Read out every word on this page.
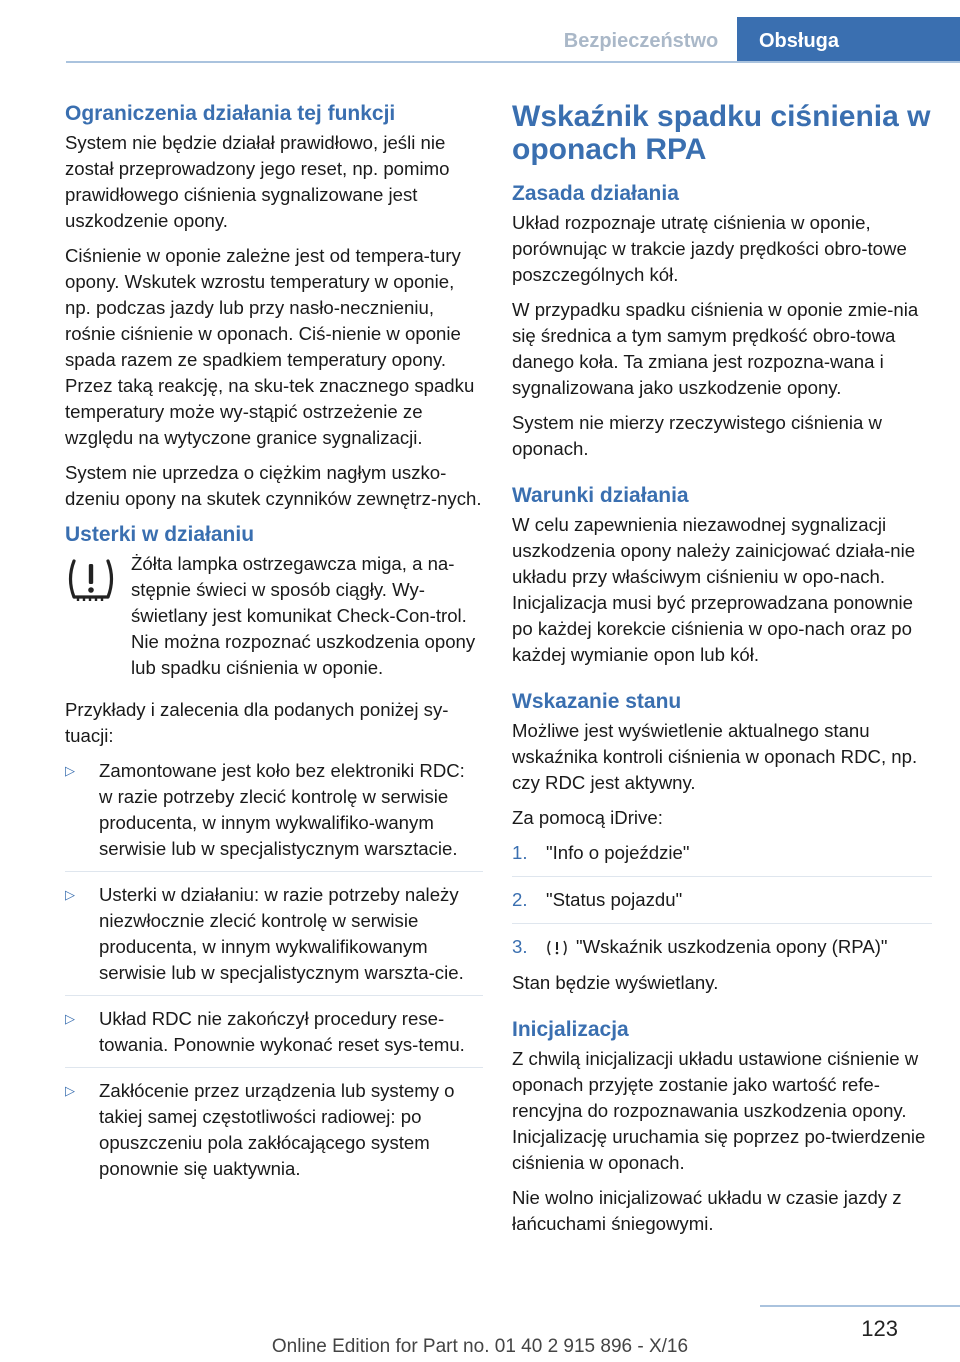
Bezpieczeństwo	Obsługa
Ograniczenia działania tej funkcji

System nie będzie działał prawidłowo, jeśli nie został przeprowadzony jego reset, np. pomimo prawidłowego ciśnienia sygnalizowane jest uszkodzenie opony.

Ciśnienie w oponie zależne jest od tempera‐tury opony. Wskutek wzrostu temperatury w oponie, np. podczas jazdy lub przy nasło‐necznieniu, rośnie ciśnienie w oponach. Ciś‐nienie w oponie spada razem ze spadkiem temperatury opony. Przez taką reakcję, na sku‐tek znacznego spadku temperatury może wy‐stąpić ostrzeżenie ze względu na wytyczone granice sygnalizacji.

System nie uprzedza o ciężkim nagłym uszko‐dzeniu opony na skutek czynników zewnętrz‐nych.

Usterki w działaniu

Żółta lampka ostrzegawcza miga, a na‐stępnie świeci w sposób ciągły. Wy‐świetlany jest komunikat Check-Con‐trol. Nie można rozpoznać uszkodzenia opony lub spadku ciśnienia w oponie.

Przykłady i zalecenia dla podanych poniżej sy‐tuacji:

▷ Zamontowane jest koło bez elektroniki RDC: w razie potrzeby zlecić kontrolę w serwisie producenta, w innym wykwalifiko‐wanym serwisie lub w specjalistycznym warsztacie.
▷ Usterki w działaniu: w razie potrzeby należy niezwłocznie zlecić kontrolę w serwisie producenta, w innym wykwalifikowanym serwisie lub w specjalistycznym warszta‐cie.
▷ Układ RDC nie zakończył procedury rese‐towania. Ponownie wykonać reset sys‐temu.
▷ Zakłócenie przez urządzenia lub systemy o takiej samej częstotliwości radiowej: po opuszczeniu pola zakłócającego system ponownie się uaktywnia.
Wskaźnik spadku ciśnienia w oponach RPA
Zasada działania

Układ rozpoznaje utratę ciśnienia w oponie, porównując w trakcie jazdy prędkości obro‐towe poszczególnych kół.

W przypadku spadku ciśnienia w oponie zmie‐nia się średnica a tym samym prędkość obro‐towa danego koła. Ta zmiana jest rozpozna‐wana i sygnalizowana jako uszkodzenie opony.

System nie mierzy rzeczywistego ciśnienia w oponach.

Warunki działania

W celu zapewnienia niezawodnej sygnalizacji uszkodzenia opony należy zainicjować działa‐nie układu przy właściwym ciśnieniu w opo‐nach. Inicjalizacja musi być przeprowadzana ponownie po każdej korekcie ciśnienia w opo‐nach oraz po każdej wymianie opon lub kół.

Wskazanie stanu

Możliwe jest wyświetlenie aktualnego stanu wskaźnika kontroli ciśnienia w oponach RDC, np. czy RDC jest aktywny.

Za pomocą iDrive:

1. "Info o pojeździe"
2. "Status pojazdu"
3.	"Wskaźnik uszkodzenia opony (RPA)"

Stan będzie wyświetlany.

Inicjalizacja

Z chwilą inicjalizacji układu ustawione ciśnienie w oponach przyjęte zostanie jako wartość refe‐rencyjna do rozpoznawania uszkodzenia opony. Inicjalizację uruchamia się poprzez po‐twierdzenie ciśnienia w oponach.

Nie wolno inicjalizować układu w czasie jazdy z łańcuchami śniegowymi.

123
Online Edition for Part no. 01 40 2 915 896 - X/16
